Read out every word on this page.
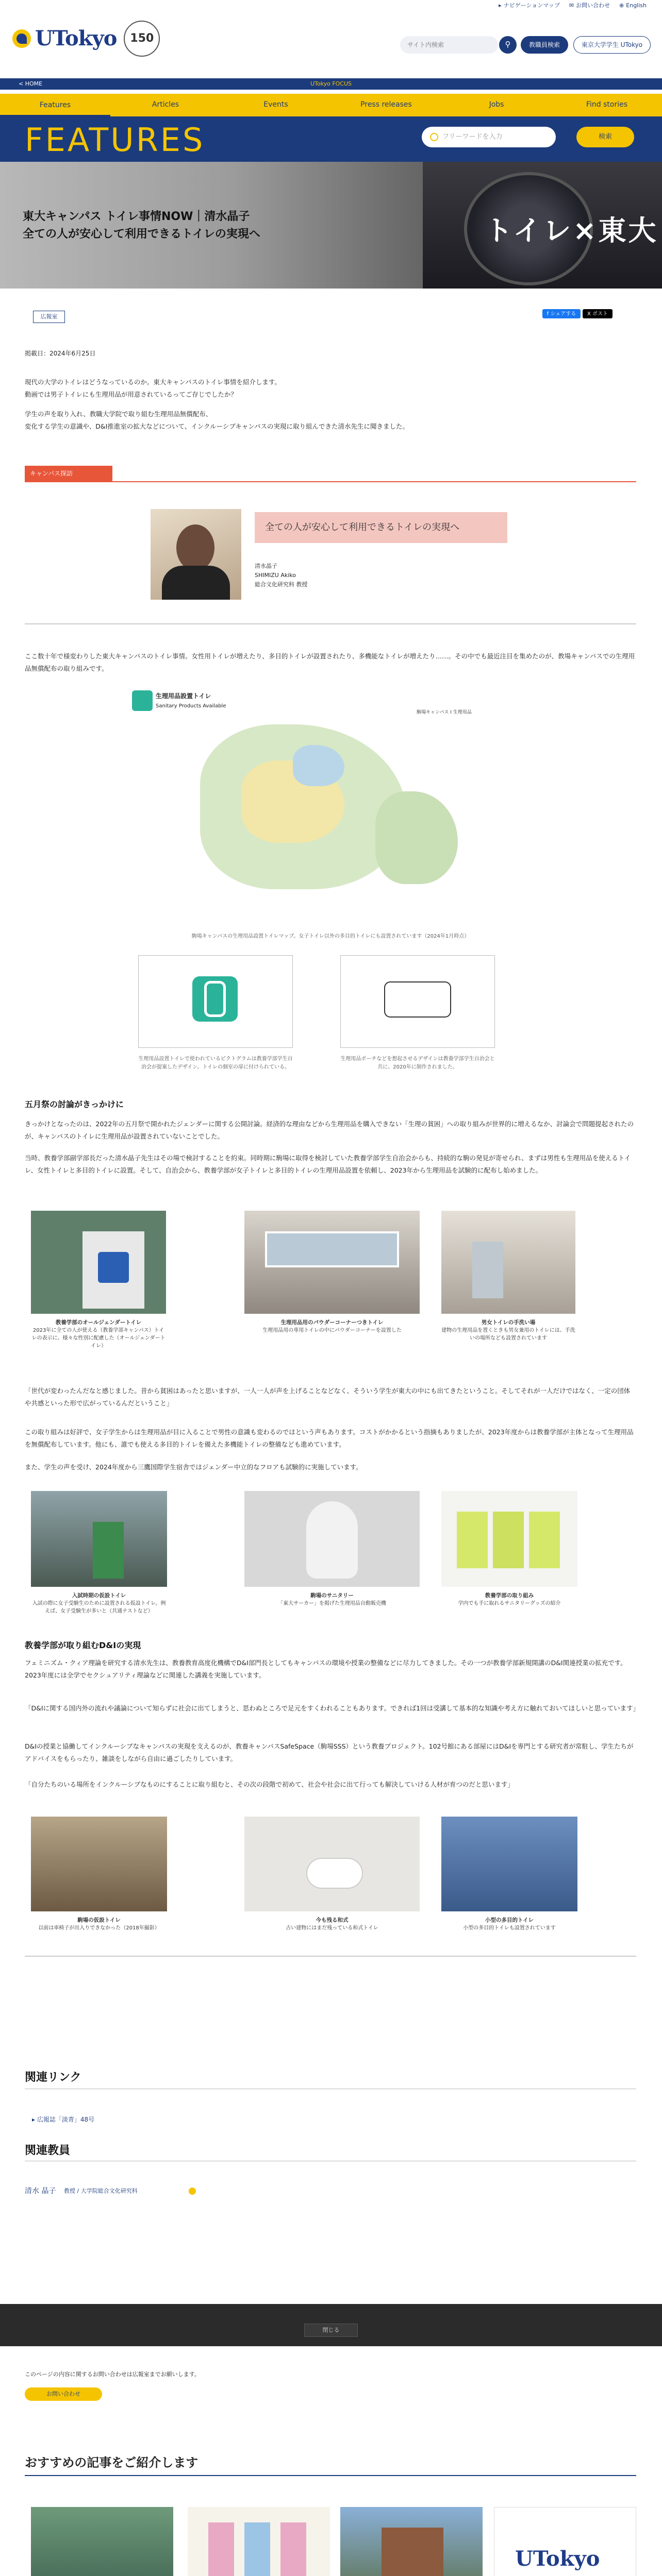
▸ ナビゲーションマップ ✉ お問い合わせ ⊕ English
UTokyo	150	サイト内検索	⚲	教職員検索	東京大学学生 UTokyo
< HOME	UTokyo FOCUS
Features	Articles	Events	Press releases	Jobs	Find stories
FEATURES	フリーワードを入力	検索
トイレ×東大
東大キャンパス トイレ事情NOW｜清水晶子
全ての人が安心して利用できるトイレの実現へ
f シェアする	X ポスト
広報室
掲載日：2024年6月25日
現代の大学のトイレはどうなっているのか。東大キャンパスのトイレ事情を紹介します。
動画では男子トイレにも生理用品が用意されているってご存じでしたか？
学生の声を取り入れ、教職大学院で取り組む生理用品無償配布、
変化する学生の意識や、D&I推進室の拡大などについて、インクルーシブキャンパスの実現に取り組んできた清水先生に聞きました。
キャンパス探訪
全ての人が安心して利用できるトイレの実現へ
清水晶子
SHIMIZU Akiko
総合文化研究科 教授
ここ数十年で様変わりした東大キャンパスのトイレ事情。女性用トイレが増えたり、多目的トイレが設置されたり、多機能なトイレが増えたり……。その中でも最近注目を集めたのが、教場キャンパスでの生理用品無償配布の取り組みです。
生理用品設置トイレ
Sanitary Products Available
駒場キャンパス I 生理用品
駒場キャンパスの生理用品設置トイレマップ。女子トイレ以外の多目的トイレにも設置されています（2024年1月時点）
生理用品設置トイレで使われているピクトグラムは教養学部学生自治会が提案したデザイン。トイレの個室の扉に付けられている。
生理用品ポーチなどを想起させるデザインは教養学部学生自治会と共に、2020年に制作されました。
五月祭の討論がきっかけに
きっかけとなったのは、2022年の五月祭で開かれたジェンダーに関する公開討論。経済的な理由などから生理用品を購入できない「生理の貧困」への取り組みが世界的に増えるなか、討論会で問題提起されたのが、キャンパスのトイレに生理用品が設置されていないことでした。
当時、教養学部副学部長だった清水晶子先生はその場で検討することを約束。同時期に駒場に取得を検討していた教養学部学生自治会からも、持続的な駒の発見が寄せられ、まずは男性も生理用品を使えるトイレ、女性トイレと多目的トイレに設置。そして、自治会から、教養学部が女子トイレと多目的トイレの生理用品設置を依頼し、2023年から生理用品を試験的に配布し始めました。
教養学部のオールジェンダートイレ
2023年に全ての人が使える（教養学部キャンパス）トイレの表示に、様々な性別に配慮した（オールジェンダートイレ）
生理用品用のパウダーコーナーつきトイレ
生理用品用の専用トイレの中にパウダーコーナーを設置した
男女トイレの手洗い場
建物の生理用品を置くときも男女兼用のトイレには、手洗いの場所なども設置されています
「世代が変わったんだなと感じました。昔から貧困はあったと思いますが、一人一人が声を上げることなどなく、そういう学生が東大の中にも出てきたということ。そしてそれが一人だけではなく、一定の団体や共感といった形で広がっているんだということ」
この取り組みは好評で、女子学生からは生理用品が目に入ることで男性の意識も変わるのではという声もあります。コストがかかるという指摘もありましたが、2023年度からは教養学部が主体となって生理用品を無償配布しています。他にも、誰でも使える多目的トイレを備えた多機能トイレの整備なども進めています。
また、学生の声を受け、2024年度から三鷹国際学生宿舎ではジェンダー中立的なフロアも試験的に実施しています。
入試時期の仮設トイレ
入試の際に女子受験生のために設置される仮設トイレ。例えば、女子受験生が多いと（共通テストなど）
駒場のサニタリー
「東大サーカー」を掲げた生理用品自動販売機
教養学部の取り組み
学内でも手に取れるサニタリーグッズの紹介
教養学部が取り組むD&Iの実現
フェミニズム・クィア理論を研究する清水先生は、教養教育高度化機構でD&I部門長としてもキャンパスの環境や授業の整備などに尽力してきました。その一つが教養学部新規開講のD&I関連授業の拡充です。2023年度には全学でセクシュアリティ理論などに関連した講義を実施しています。
「D&Iに関する国内外の流れや議論について知らずに社会に出てしまうと、思わぬところで足元をすくわれることもあります。できれば1回は受講して基本的な知識や考え方に触れておいてほしいと思っています」
D&Iの授業と協働してインクルーシブなキャンパスの実現を支えるのが、教養キャンパスSafeSpace（駒場SSS）という教養プロジェクト。102号館にある部屋にはD&Iを専門とする研究者が常駐し、学生たちがアドバイスをもらったり、雑談をしながら自由に過ごしたりしています。
「自分たちのいる場所をインクルーシブなものにすることに取り組むと、その次の段階で初めて、社会や社会に出て行っても解決していける人材が育つのだと思います」
駒場の仮設トイレ
以前は車椅子が出入りできなかった（2018年撮影）
今も残る和式
古い建物にはまだ残っている和式トイレ
小型の多目的トイレ
小型の多目的トイレも設置されています
関連リンク
▸ 広報誌「淡青」48号
関連教員
清水 晶子 教授 / 大学院総合文化研究科
閉じる
このページの内容に関するお問い合わせは広報室までお願いします。
お問い合わせ
おすすめの記事をご紹介します
UTokyo
